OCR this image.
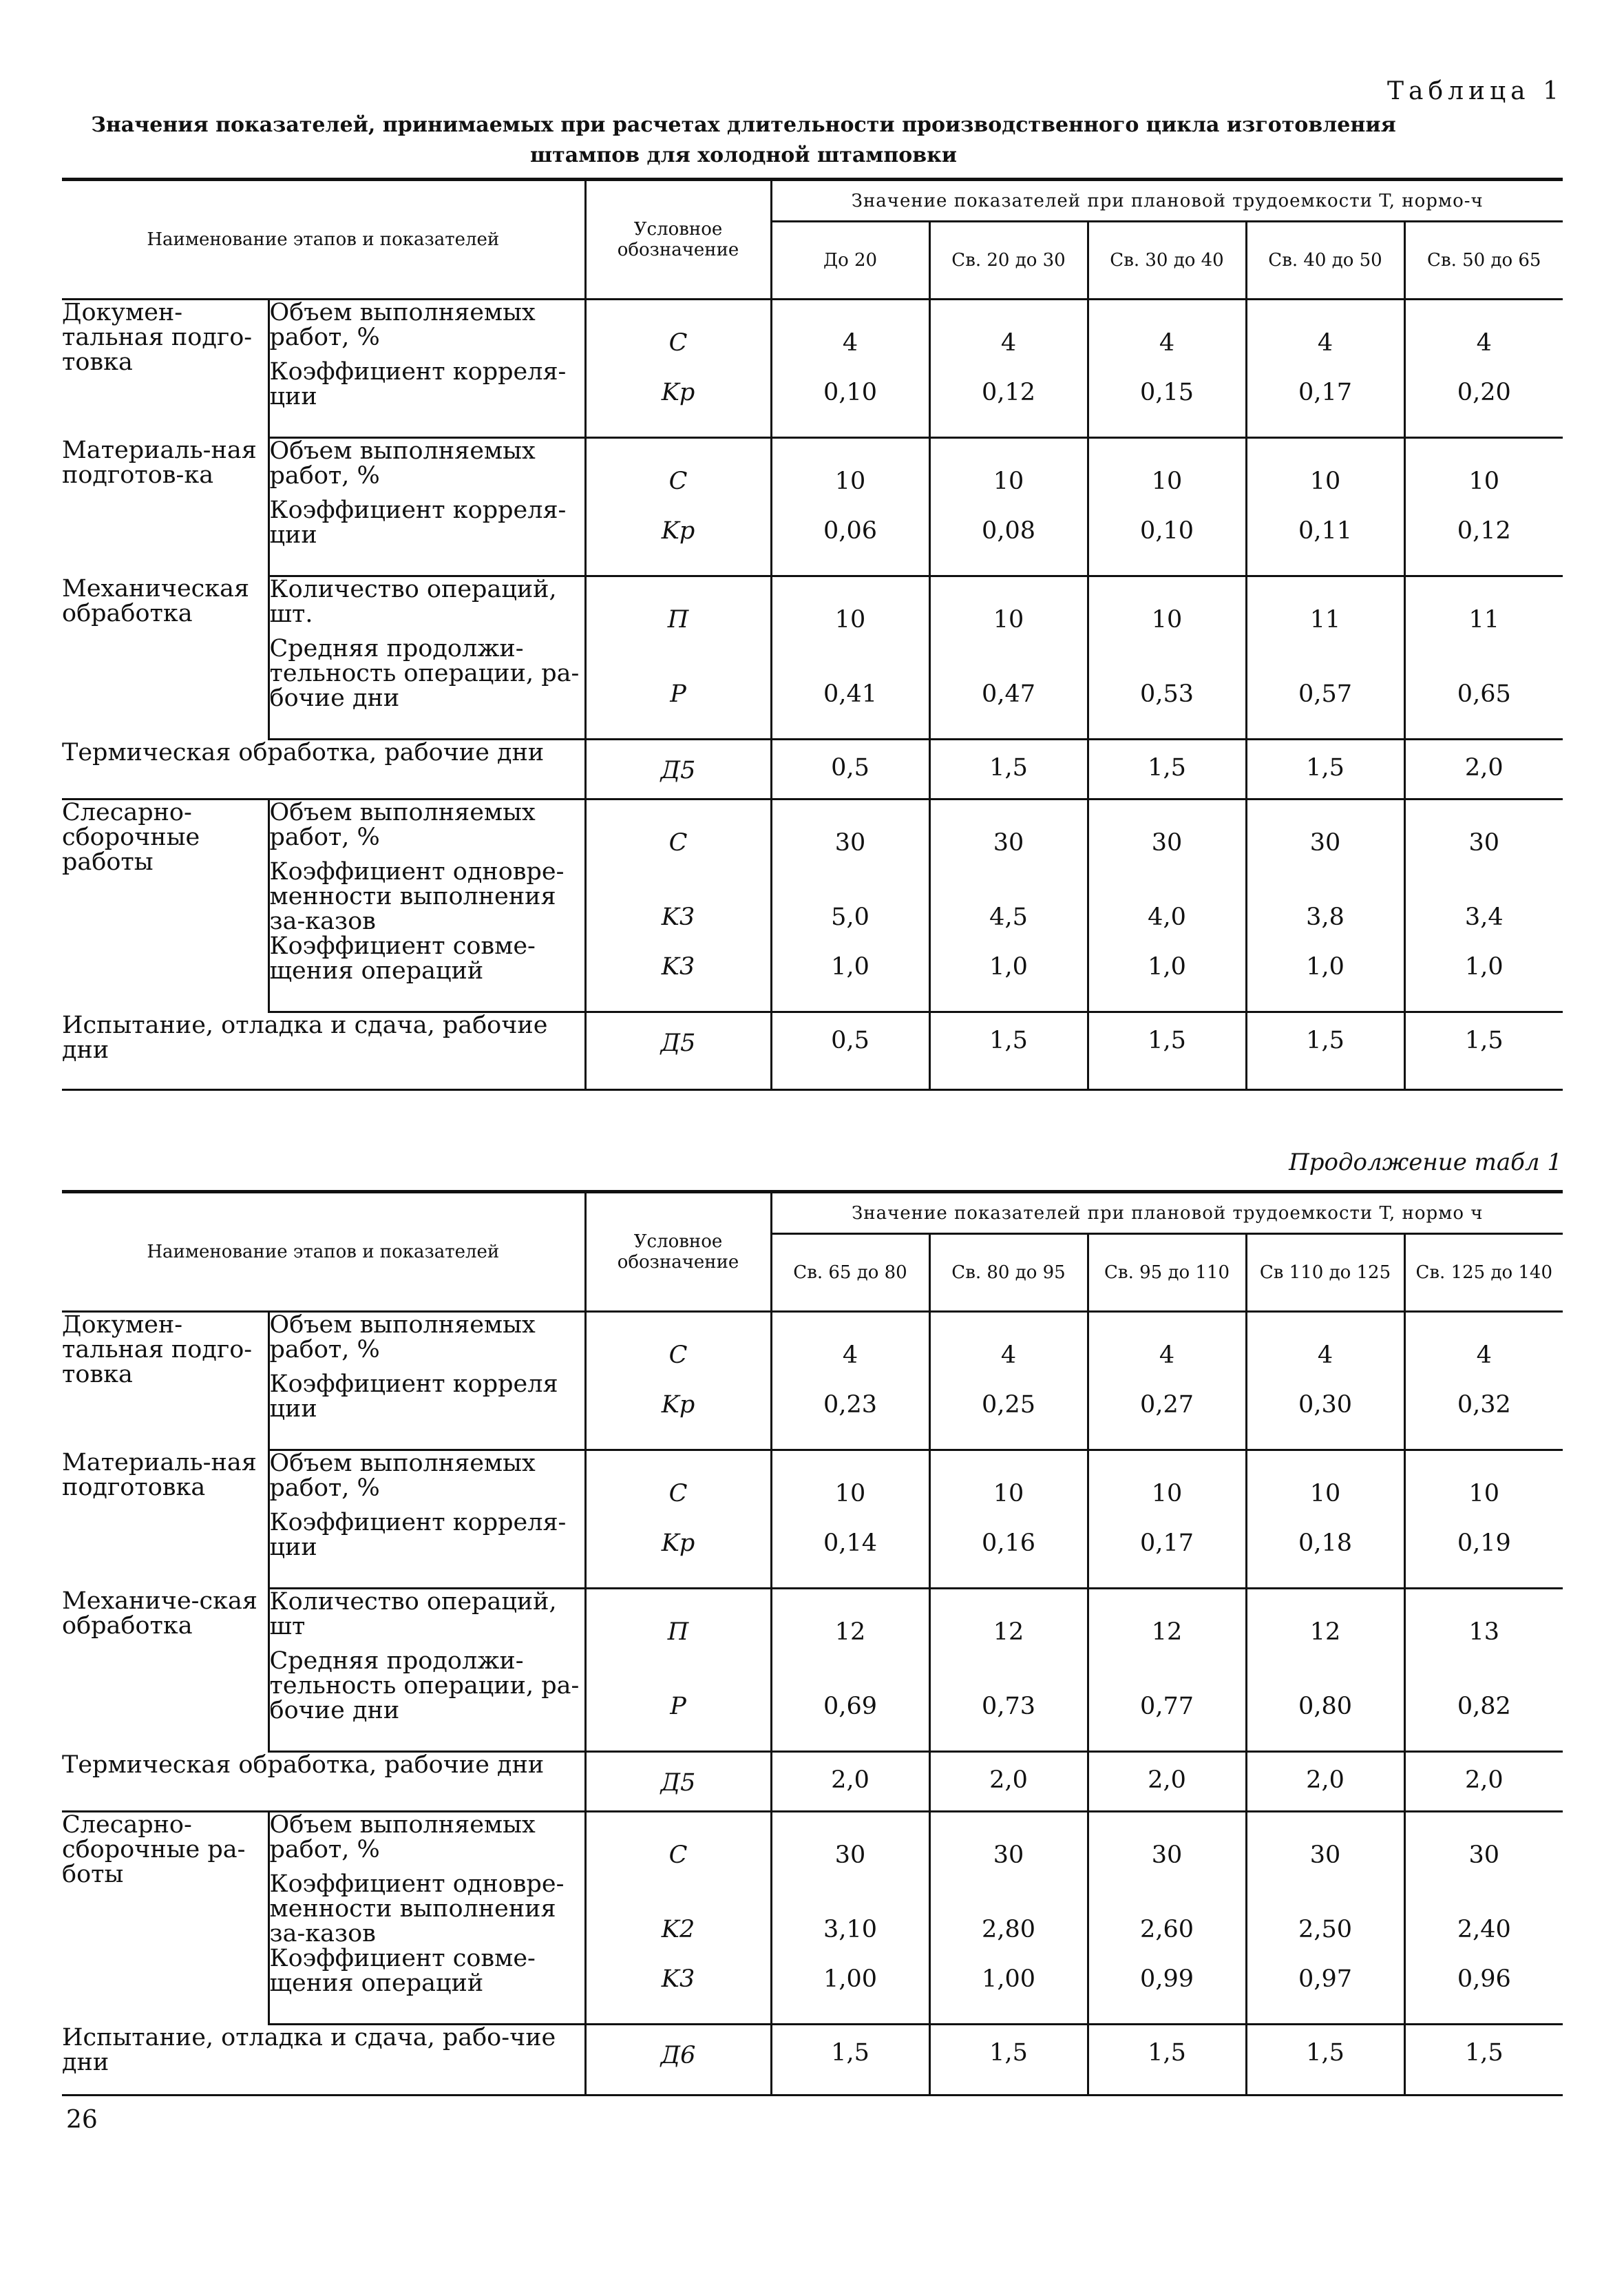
Таблица 1
Значения показателей, принимаемых при расчетах длительности производственного цикла изготовления штампов для холодной штамповки
Наименование этапов и показателей		Условное обозначение	Значение показателей при плановой трудоемкости T, нормо-ч				
			До 20	Св. 20 до 30	Св. 30 до 40	Св. 40 до 50	Св. 50 до 65
Докумен-тальная подго-товка	Объем выполняемых работ, %	C	4	4	4	4	4
	Коэффициент корреля-ции	Kр	0,10	0,12	0,15	0,17	0,20
Материаль-ная подготов-ка	Объем выполняемых работ, %	C	10	10	10	10	10
	Коэффициент корреля-ции	Kр	0,06	0,08	0,10	0,11	0,12
Механическая обработка	Количество операций, шт.	П	10	10	10	11	11
	Средняя продолжи-тельность операции, ра-бочие дни	P	0,41	0,47	0,53	0,57	0,65
Термическая обработка, рабочие дни		Д5	0,5	1,5	1,5	1,5	2,0
Слесарно-сборочные работы	Объем выполняемых работ, %	C	30	30	30	30	30
	Коэффициент одновре-менности выполнения за-казов	K3	5,0	4,5	4,0	3,8	3,4
	Коэффициент совме-щения операций	K3	1,0	1,0	1,0	1,0	1,0
Испытание, отладка и сдача, рабочие дни		Д5	0,5	1,5	1,5	1,5	1,5
Продолжение табл 1
Наименование этапов и показателей		Условное обозначение	Значение показателей при плановой трудоемкости T, нормо ч				
			Св. 65 до 80	Св. 80 до 95	Св. 95 до 110	Св 110 до 125	Св. 125 до 140
Докумен-тальная подго-товка	Объем выполняемых работ, %	C	4	4	4	4	4
	Коэффициент корреля ции	Kр	0,23	0,25	0,27	0,30	0,32
Материаль-ная подготовка	Объем выполняемых работ, %	C	10	10	10	10	10
	Коэффициент корреля-ции	Kр	0,14	0,16	0,17	0,18	0,19
Механиче-ская обработка	Количество операций, шт	П	12	12	12	12	13
	Средняя продолжи-тельность операции, ра-бочие дни	P	0,69	0,73	0,77	0,80	0,82
Термическая обработка, рабочие дни		Д5	2,0	2,0	2,0	2,0	2,0
Слесарно-сборочные ра-боты	Объем выполняемых работ, %	C	30	30	30	30	30
	Коэффициент одновре-менности выполнения за-казов	K2	3,10	2,80	2,60	2,50	2,40
	Коэффициент совме-щения операций	K3	1,00	1,00	0,99	0,97	0,96
Испытание, отладка и сдача, рабо-чие дни		Д6	1,5	1,5	1,5	1,5	1,5
26
